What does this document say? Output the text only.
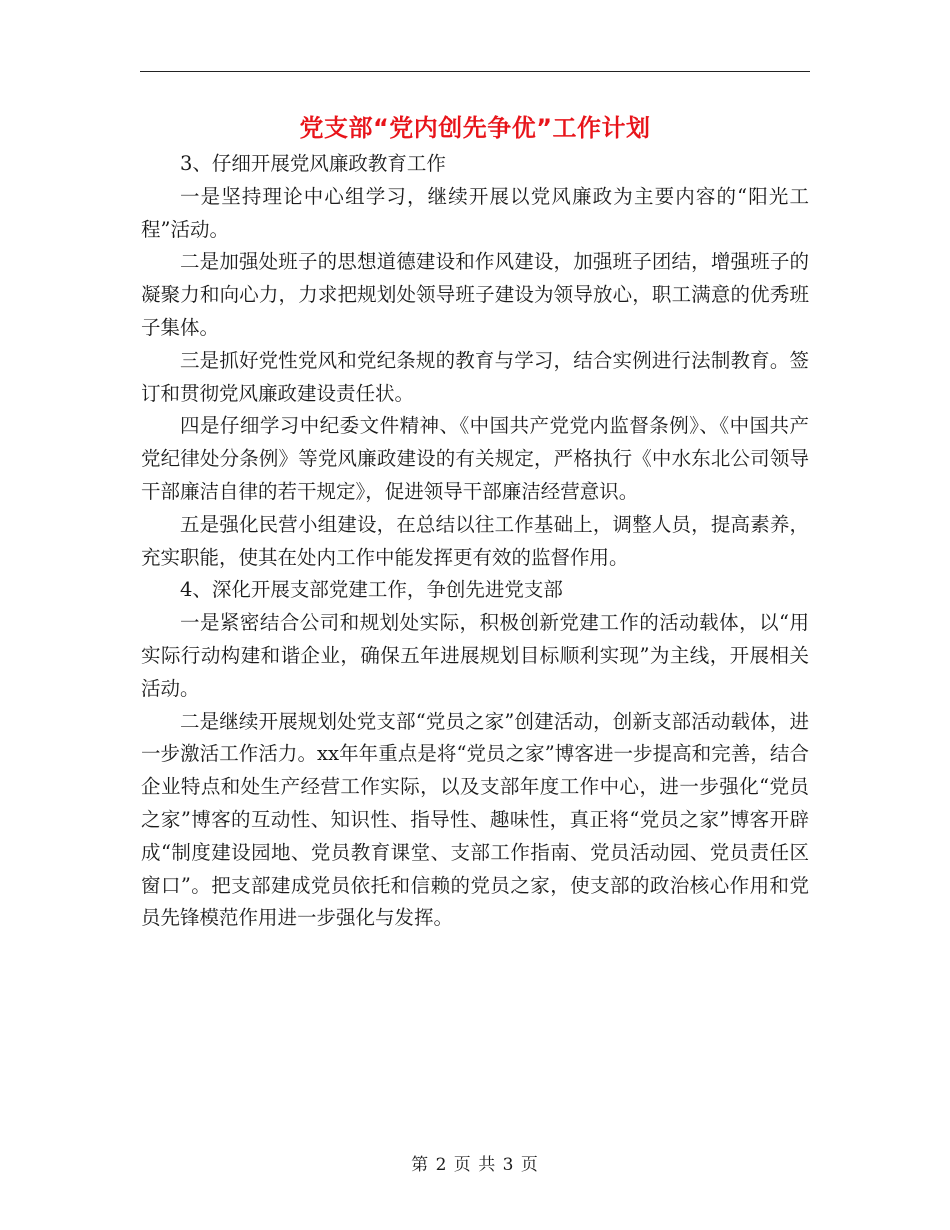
党支部“党内创先争优”工作计划

3、仔细开展党风廉政教育工作

一是坚持理论中心组学习，继续开展以党风廉政为主要内容的“阳光工程”活动。

二是加强处班子的思想道德建设和作风建设，加强班子团结，增强班子的凝聚力和向心力，力求把规划处领导班子建设为领导放心，职工满意的优秀班子集体。

三是抓好党性党风和党纪条规的教育与学习，结合实例进行法制教育。签订和贯彻党风廉政建设责任状。

四是仔细学习中纪委文件精神、《中国共产党党内监督条例》、《中国共产党纪律处分条例》等党风廉政建设的有关规定，严格执行《中水东北公司领导干部廉洁自律的若干规定》，促进领导干部廉洁经营意识。

五是强化民营小组建设，在总结以往工作基础上，调整人员，提高素养，充实职能，使其在处内工作中能发挥更有效的监督作用。

4、深化开展支部党建工作，争创先进党支部

一是紧密结合公司和规划处实际，积极创新党建工作的活动载体，以“用实际行动构建和谐企业，确保五年进展规划目标顺利实现”为主线，开展相关活动。

二是继续开展规划处党支部“党员之家”创建活动，创新支部活动载体，进一步激活工作活力。xx年年重点是将“党员之家”博客进一步提高和完善，结合企业特点和处生产经营工作实际，以及支部年度工作中心，进一步强化“党员之家”博客的互动性、知识性、指导性、趣味性，真正将“党员之家”博客开辟成“制度建设园地、党员教育课堂、支部工作指南、党员活动园、党员责任区窗口”。把支部建成党员依托和信赖的党员之家，使支部的政治核心作用和党员先锋模范作用进一步强化与发挥。

第 2 页 共 3 页
